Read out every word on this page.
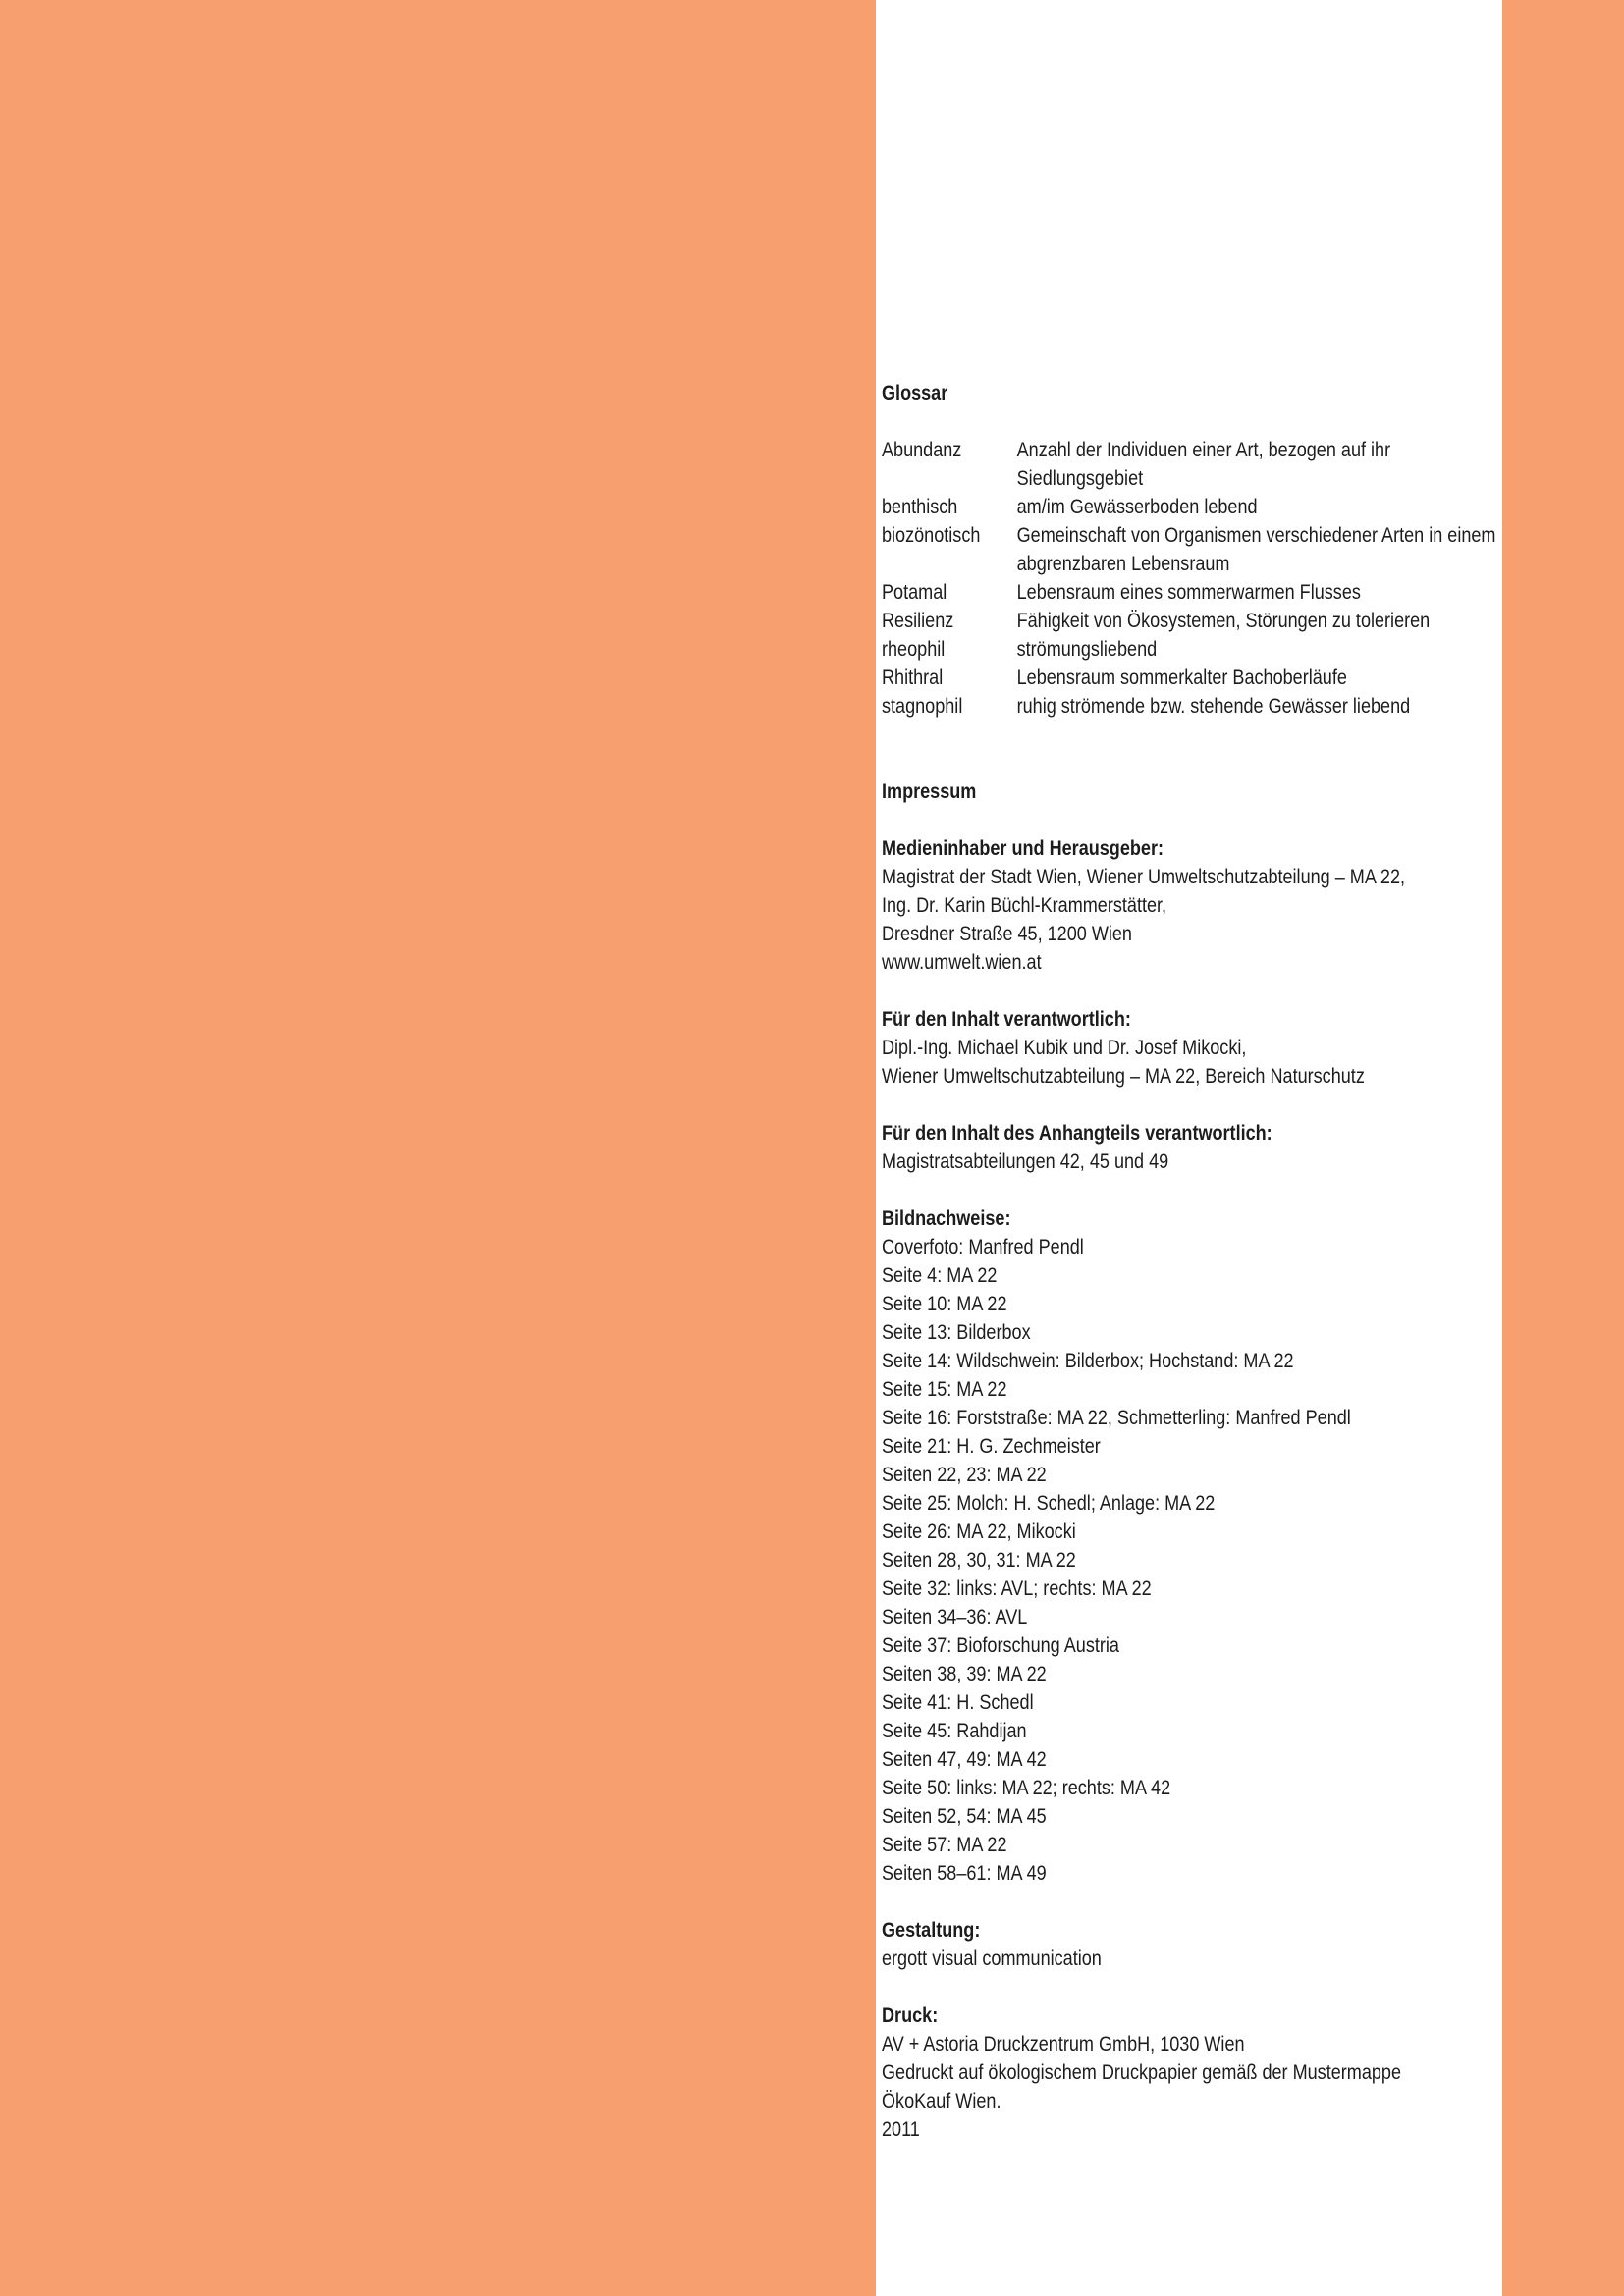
Glossar

Abundanz	Anzahl der Individuen einer Art, bezogen auf ihr Siedlungsgebiet
benthisch	am/im Gewässerboden lebend
biozönotisch	Gemeinschaft von Organismen verschiedener Arten in einem abgrenzbaren Lebensraum
Potamal	Lebensraum eines sommerwarmen Flusses
Resilienz	Fähigkeit von Ökosystemen, Störungen zu tolerieren
rheophil	strömungsliebend
Rhithral	Lebensraum sommerkalter Bachoberläufe
stagnophil	ruhig strömende bzw. stehende Gewässer liebend

Impressum

Medieninhaber und Herausgeber:

Magistrat der Stadt Wien, Wiener Umweltschutzabteilung – MA 22,
Ing. Dr. Karin Büchl-Krammerstätter,
Dresdner Straße 45, 1200 Wien
www.umwelt.wien.at

Für den Inhalt verantwortlich:

Dipl.-Ing. Michael Kubik und Dr. Josef Mikocki,
Wiener Umweltschutzabteilung – MA 22, Bereich Naturschutz

Für den Inhalt des Anhangteils verantwortlich:

Magistratsabteilungen 42, 45 und 49

Bildnachweise:

Coverfoto: Manfred Pendl
Seite 4: MA 22
Seite 10: MA 22
Seite 13: Bilderbox
Seite 14: Wildschwein: Bilderbox; Hochstand: MA 22
Seite 15: MA 22
Seite 16: Forststraße: MA 22, Schmetterling: Manfred Pendl
Seite 21: H. G. Zechmeister
Seiten 22, 23: MA 22
Seite 25: Molch: H. Schedl; Anlage: MA 22
Seite 26: MA 22, Mikocki
Seiten 28, 30, 31: MA 22
Seite 32: links: AVL; rechts: MA 22
Seiten 34–36: AVL
Seite 37: Bioforschung Austria
Seiten 38, 39: MA 22
Seite 41: H. Schedl
Seite 45: Rahdijan
Seiten 47, 49: MA 42
Seite 50: links: MA 22; rechts: MA 42
Seiten 52, 54: MA 45
Seite 57: MA 22
Seiten 58–61: MA 49

Gestaltung:

ergott visual communication

Druck:

AV + Astoria Druckzentrum GmbH, 1030 Wien
Gedruckt auf ökologischem Druckpapier gemäß der Mustermappe
ÖkoKauf Wien.
2011
